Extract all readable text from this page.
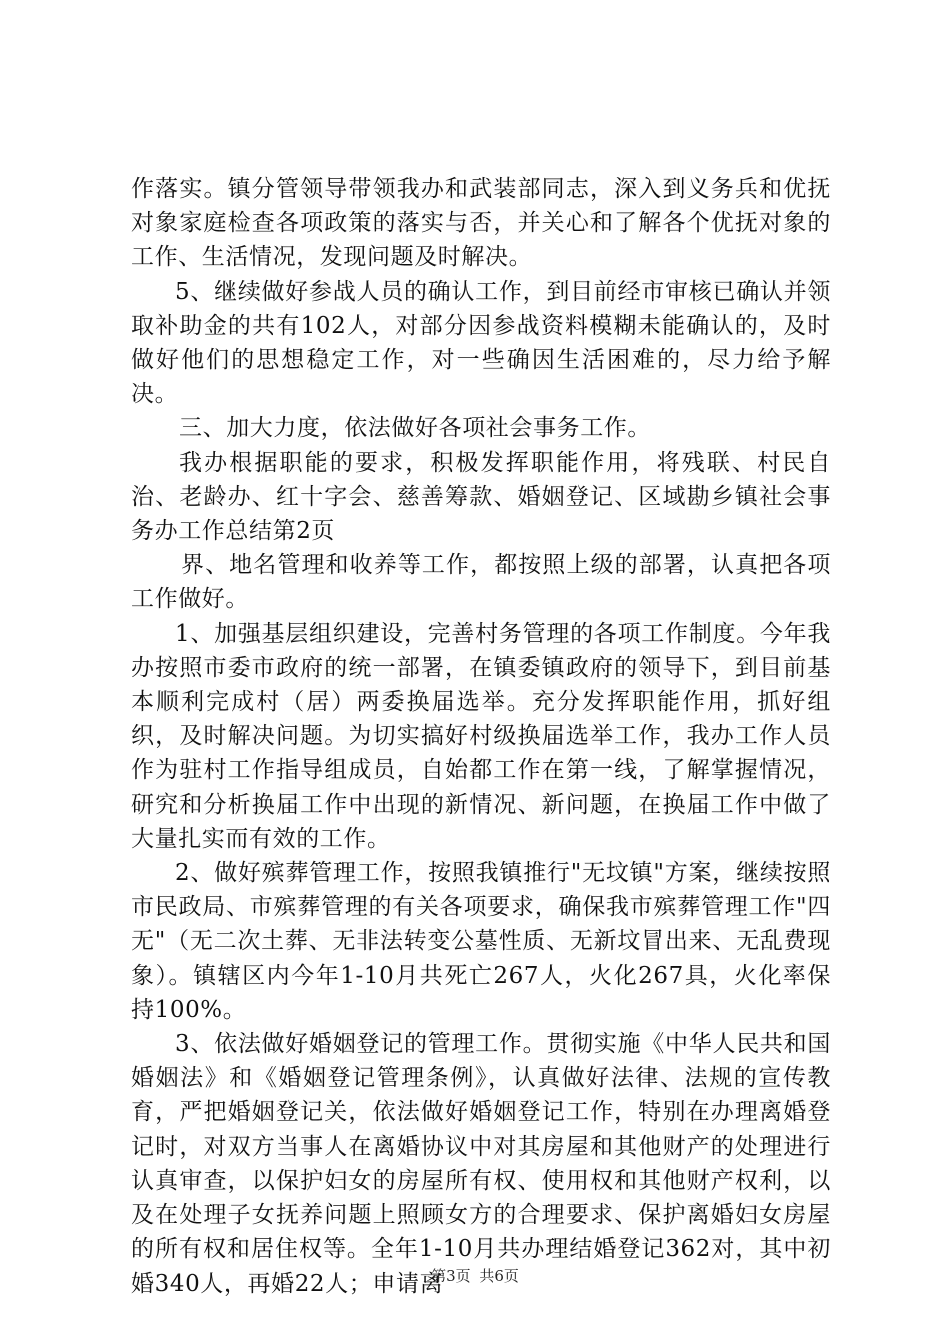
作落实。镇分管领导带领我办和武装部同志，深入到义务兵和优抚对象家庭检查各项政策的落实与否，并关心和了解各个优抚对象的工作、生活情况，发现问题及时解决。

5、继续做好参战人员的确认工作，到目前经市审核已确认并领取补助金的共有102人，对部分因参战资料模糊未能确认的，及时做好他们的思想稳定工作，对一些确因生活困难的，尽力给予解决。

三、加大力度，依法做好各项社会事务工作。

我办根据职能的要求，积极发挥职能作用，将残联、村民自治、老龄办、红十字会、慈善筹款、婚姻登记、区域勘乡镇社会事务办工作总结第2页

界、地名管理和收养等工作，都按照上级的部署，认真把各项工作做好。

1、加强基层组织建设，完善村务管理的各项工作制度。今年我办按照市委市政府的统一部署，在镇委镇政府的领导下，到目前基本顺利完成村（居）两委换届选举。充分发挥职能作用，抓好组织，及时解决问题。为切实搞好村级换届选举工作，我办工作人员作为驻村工作指导组成员，自始都工作在第一线，了解掌握情况，研究和分析换届工作中出现的新情况、新问题，在换届工作中做了大量扎实而有效的工作。

2、做好殡葬管理工作，按照我镇推行"无坟镇"方案，继续按照市民政局、市殡葬管理的有关各项要求，确保我市殡葬管理工作"四无"（无二次土葬、无非法转变公墓性质、无新坟冒出来、无乱费现象）。镇辖区内今年1-10月共死亡267人，火化267具，火化率保持100%。

3、依法做好婚姻登记的管理工作。贯彻实施《中华人民共和国婚姻法》和《婚姻登记管理条例》，认真做好法律、法规的宣传教育，严把婚姻登记关，依法做好婚姻登记工作，特别在办理离婚登记时，对双方当事人在离婚协议中对其房屋和其他财产的处理进行认真审查，以保护妇女的房屋所有权、使用权和其他财产权利，以及在处理子女抚养问题上照顾女方的合理要求、保护离婚妇女房屋的所有权和居住权等。全年1-10月共办理结婚登记362对，其中初婚340人，再婚22人；申请离

第3页 共6页
